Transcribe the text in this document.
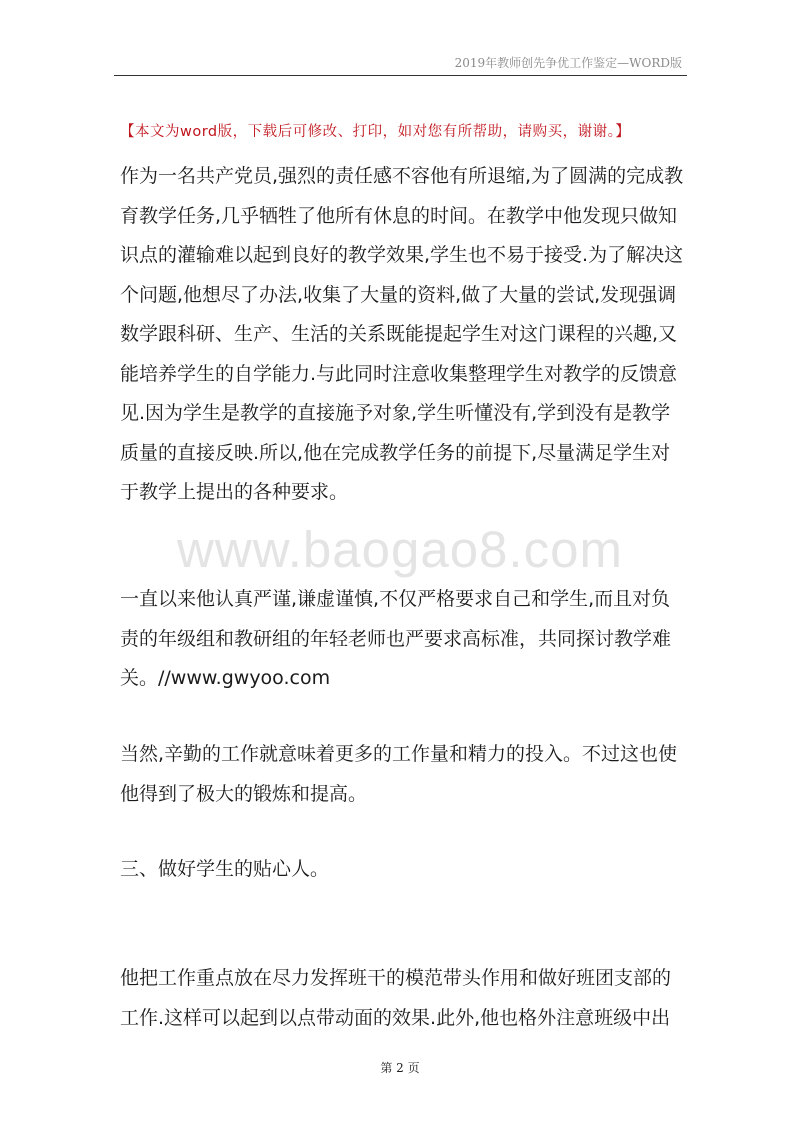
2019年教师创先争优工作鉴定—WORD版
【本文为word版，下载后可修改、打印，如对您有所帮助，请购买，谢谢。】
www.baogao8.com
作为一名共产党员,强烈的责任感不容他有所退缩,为了圆满的完成教
育教学任务,几乎牺牲了他所有休息的时间。在教学中他发现只做知
识点的灌输难以起到良好的教学效果,学生也不易于接受.为了解决这
个问题,他想尽了办法,收集了大量的资料,做了大量的尝试,发现强调
数学跟科研、生产、生活的关系既能提起学生对这门课程的兴趣,又
能培养学生的自学能力.与此同时注意收集整理学生对教学的反馈意
见.因为学生是教学的直接施予对象,学生听懂没有,学到没有是教学
质量的直接反映.所以,他在完成教学任务的前提下,尽量满足学生对
于教学上提出的各种要求。
一直以来他认真严谨,谦虚谨慎,不仅严格要求自己和学生,而且对负
责的年级组和教研组的年轻老师也严要求高标准，共同探讨教学难
关。//www.gwyoo.com
当然,辛勤的工作就意味着更多的工作量和精力的投入。不过这也使
他得到了极大的锻炼和提高。
三、做好学生的贴心人。
他把工作重点放在尽力发挥班干的模范带头作用和做好班团支部的
工作.这样可以起到以点带动面的效果.此外,他也格外注意班级中出
第 2 页
